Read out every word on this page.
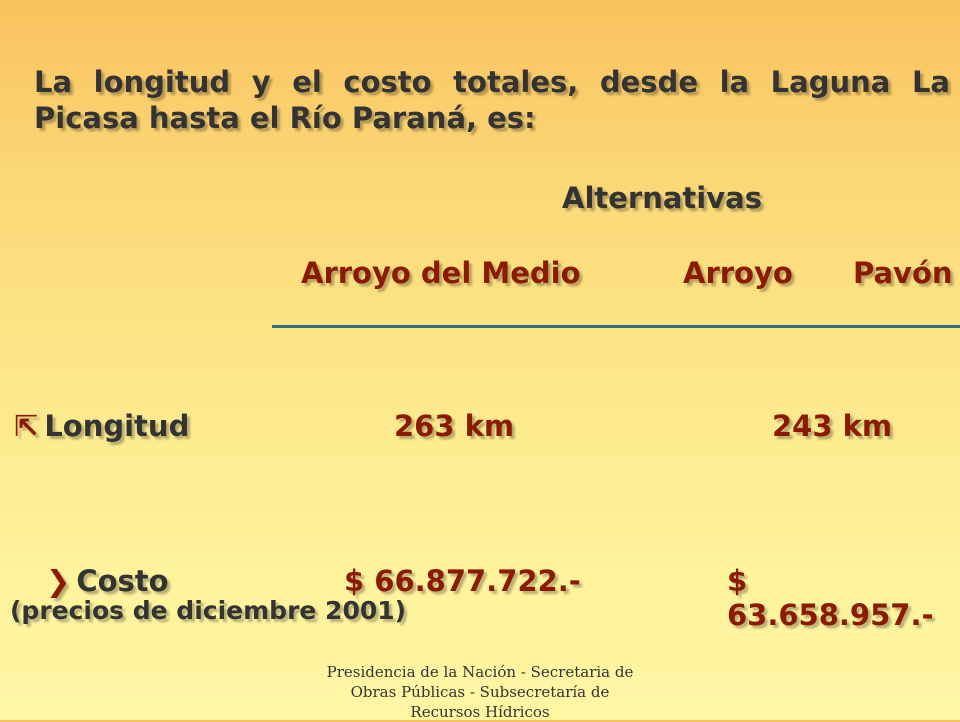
La longitud y el costo totales, desde la Laguna La Picasa hasta el Río Paraná, es:
Alternativas
Arroyo del Medio	Arroyo Pavón
⇱ Longitud	263 km	243 km
❯ Costo	$ 66.877.722.-	$ 63.658.957.-
(precios de diciembre 2001)
Presidencia de la Nación - Secretaria de Obras Públicas - Subsecretaría de Recursos Hídricos
